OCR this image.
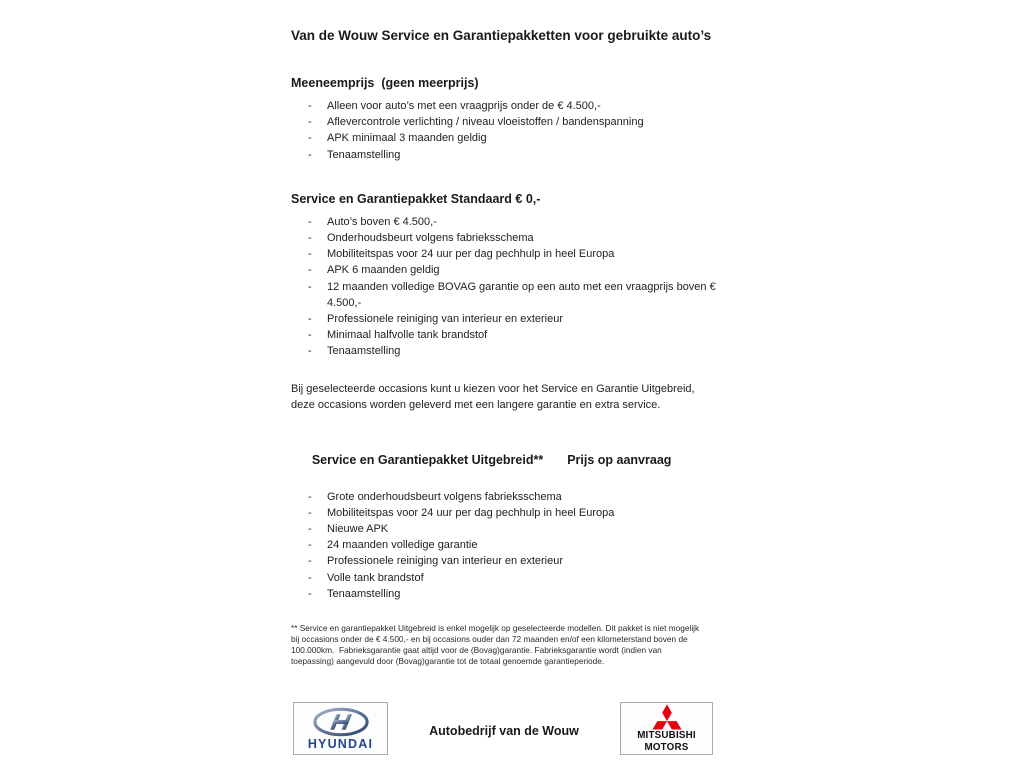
Van de Wouw Service en Garantiepakketten voor gebruikte auto’s
Meeneemprijs  (geen meerprijs)
-	Alleen voor auto’s met een vraagprijs onder de € 4.500,-
-	Aflevercontrole verlichting / niveau vloeistoffen / bandenspanning
-	APK minimaal 3 maanden geldig
-	Tenaamstelling
Service en Garantiepakket Standaard € 0,-
-	Auto’s boven € 4.500,-
-	Onderhoudsbeurt volgens fabrieksschema
-	Mobiliteitspas voor 24 uur per dag pechhulp in heel Europa
-	APK 6 maanden geldig
-	12 maanden volledige BOVAG garantie op een auto met een vraagprijs boven € 4.500,-
-	Professionele reiniging van interieur en exterieur
-	Minimaal halfvolle tank brandstof
-	Tenaamstelling
Bij geselecteerde occasions kunt u kiezen voor het Service en Garantie Uitgebreid, deze occasions worden geleverd met een langere garantie en extra service.

Service en Garantiepakket Uitgebreid** Prijs op aanvraag

-	Grote onderhoudsbeurt volgens fabrieksschema
-	Mobiliteitspas voor 24 uur per dag pechhulp in heel Europa
-	Nieuwe APK
-	24 maanden volledige garantie
-	Professionele reiniging van interieur en exterieur
-	Volle tank brandstof
-	Tenaamstelling
** Service en garantiepakket Uitgebreid is enkel mogelijk op geselecteerde modellen. Dit pakket is niet mogelijk bij occasions onder de € 4.500,- en bij occasions ouder dan 72 maanden en/of een kilometerstand boven de 100.000km.  Fabrieksgarantie gaat altijd voor de (Bovag)garantie. Fabrieksgarantie wordt (indien van toepassing) aangevuld door (Bovag)garantie tot de totaal genoemde garantieperiode.
HYUNDAI
Autobedrijf van de Wouw	MITSUBISHI
MOTORS
